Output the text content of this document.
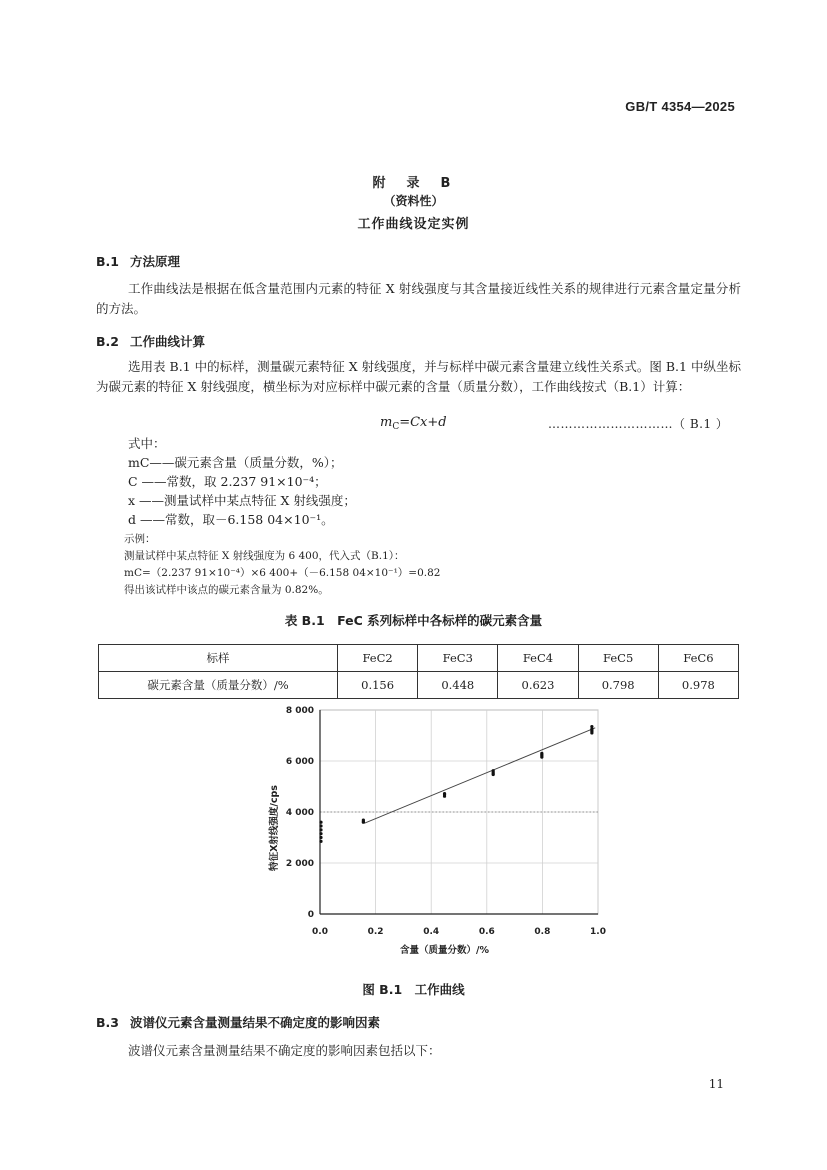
GB/T 4354—2025
附　录　B
（资料性）
工作曲线设定实例
B.1 方法原理

工作曲线法是根据在低含量范围内元素的特征 X 射线强度与其含量接近线性关系的规律进行元素含量定量分析的方法。

B.2 工作曲线计算

选用表 B.1 中的标样，测量碳元素特征 X 射线强度，并与标样中碳元素含量建立线性关系式。图 B.1 中纵坐标为碳元素的特征 X 射线强度，横坐标为对应标样中碳元素的含量（质量分数），工作曲线按式（B.1）计算：

$m_C=Cx+d$	…………………………（ B.1 ）
式中：
mC——碳元素含量（质量分数，%）；
C ——常数，取 2.237 91×10⁻⁴；
x ——测量试样中某点特征 X 射线强度；
d ——常数，取－6.158 04×10⁻¹。
示例：
测量试样中某点特征 X 射线强度为 6 400，代入式（B.1）：
mC=（2.237 91×10⁻⁴）×6 400+（－6.158 04×10⁻¹）=0.82
得出该试样中该点的碳元素含量为 0.82%。
表 B.1　FeC 系列标样中各标样的碳元素含量
标样	FeC2	FeC3	FeC4	FeC5	FeC6
碳元素含量（质量分数）/%	0.156	0.448	0.623	0.798	0.978
0.0	0.2	0.4	0.6	0.8	1.0
0
2 000
4 000
6 000
8 000
含量（质量分数）/%
特征X射线强度/cps
图 B.1　工作曲线
B.3 波谱仪元素含量测量结果不确定度的影响因素

波谱仪元素含量测量结果不确定度的影响因素包括以下：

11
